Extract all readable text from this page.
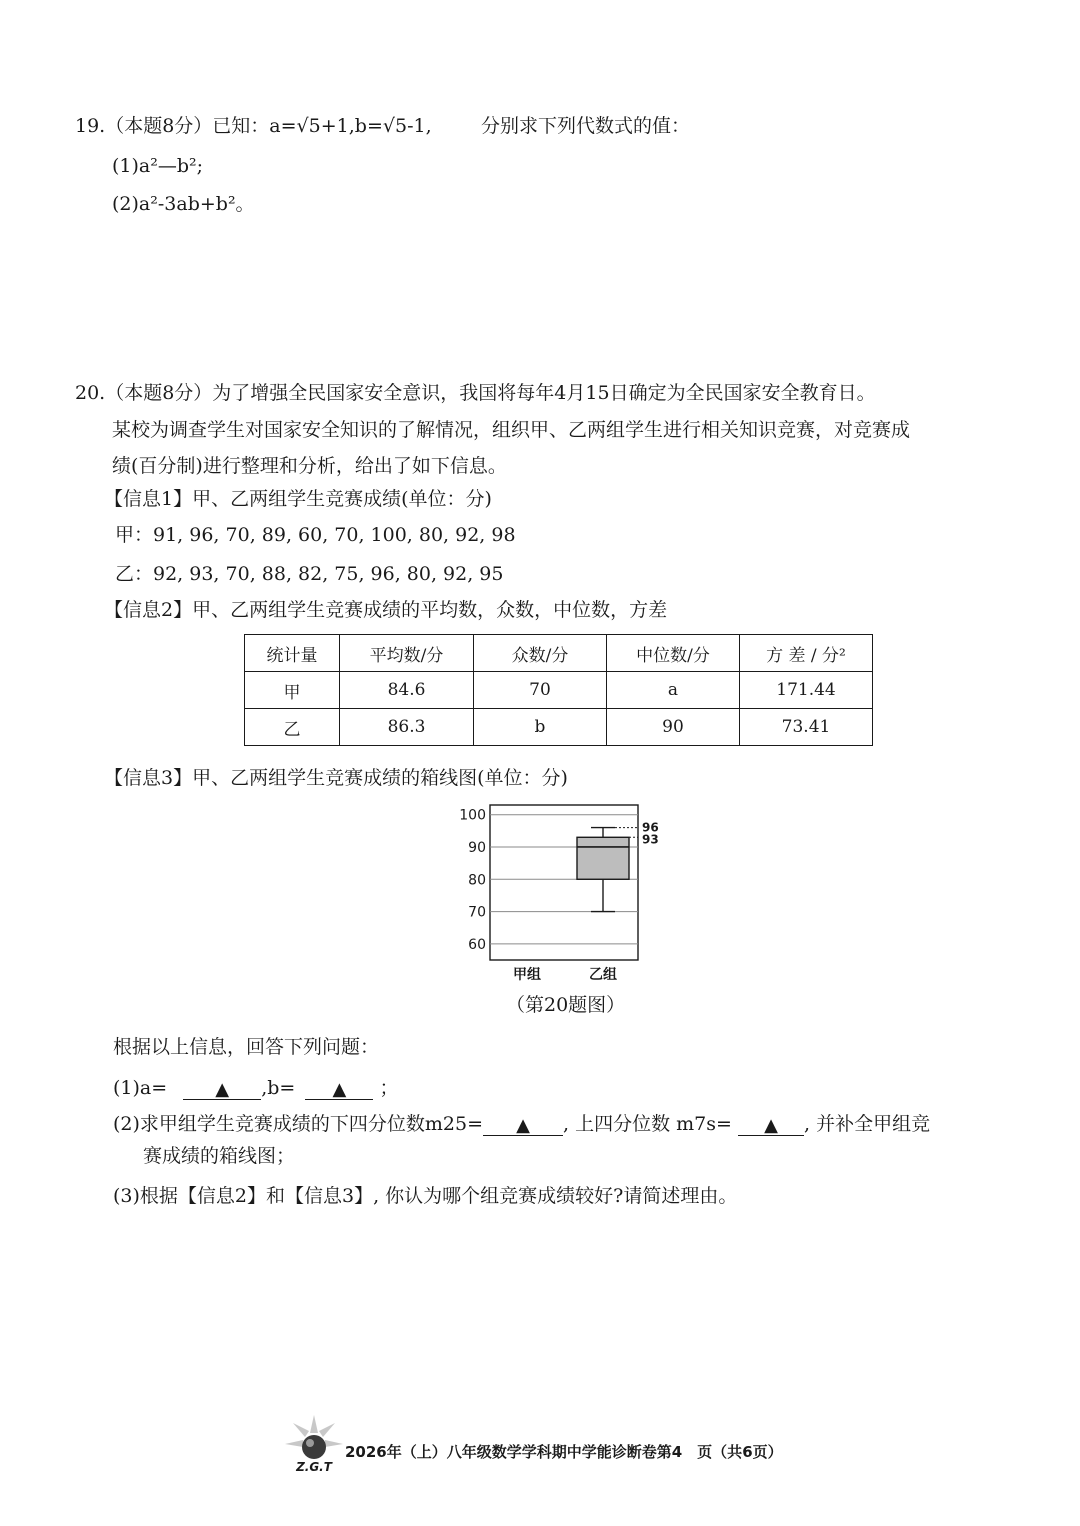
19.（本题8分）已知：a=√5+1,b=√5-1,	分别求下列代数式的值：
(1)a²—b²;
(2)a²-3ab+b²。
20.（本题8分）为了增强全民国家安全意识，我国将每年4月15日确定为全民国家安全教育日。
某校为调查学生对国家安全知识的了解情况，组织甲、乙两组学生进行相关知识竞赛，对竞赛成
绩(百分制)进行整理和分析，给出了如下信息。
【信息1】甲、乙两组学生竞赛成绩(单位：分)
甲：91, 96, 70, 89, 60, 70, 100, 80, 92, 98
乙：92, 93, 70, 88, 82, 75, 96, 80, 92, 95
【信息2】甲、乙两组学生竞赛成绩的平均数，众数，中位数，方差
统计量	平均数/分	众数/分	中位数/分	方 差 / 分²
甲	84.6	70	a	171.44
乙	86.3	b	90	73.41
【信息3】甲、乙两组学生竞赛成绩的箱线图(单位：分)
100
90
80
70
60
甲组	乙组
96
93
（第20题图）
根据以上信息，回答下列问题：
(1)a=	▲ ,b= ▲ ；
(2)求甲组学生竞赛成绩的下四分位数m25= ▲ , 上四分位数 m7s= ▲ , 并补全甲组竞
赛成绩的箱线图；
(3)根据【信息2】和【信息3】, 你认为哪个组竞赛成绩较好?请简述理由。
Z.G.T
2026年（上）八年级数学学科期中学能诊断卷第4　页（共6页）
